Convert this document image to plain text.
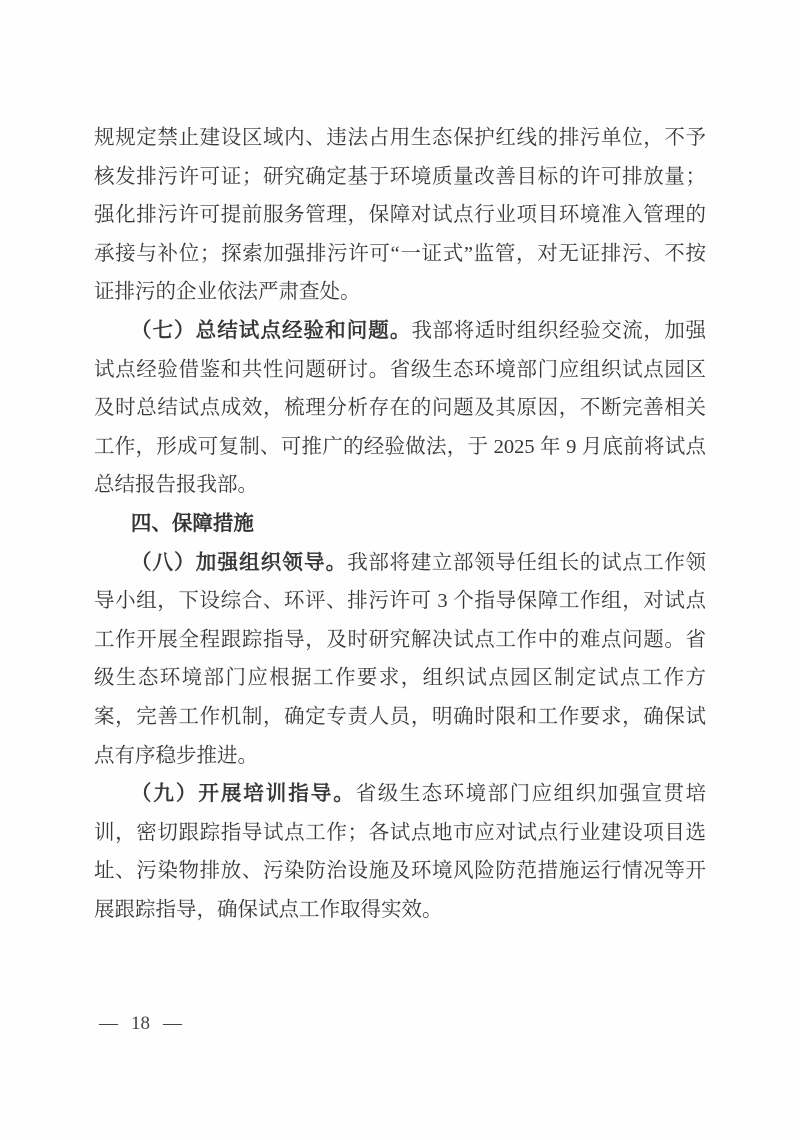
规规定禁止建设区域内、违法占用生态保护红线的排污单位，不予核发排污许可证；研究确定基于环境质量改善目标的许可排放量；强化排污许可提前服务管理，保障对试点行业项目环境准入管理的承接与补位；探索加强排污许可“一证式”监管，对无证排污、不按证排污的企业依法严肃查处。

（七）总结试点经验和问题。我部将适时组织经验交流，加强试点经验借鉴和共性问题研讨。省级生态环境部门应组织试点园区及时总结试点成效，梳理分析存在的问题及其原因，不断完善相关工作，形成可复制、可推广的经验做法，于 2025 年 9 月底前将试点总结报告报我部。

四、保障措施

（八）加强组织领导。我部将建立部领导任组长的试点工作领导小组，下设综合、环评、排污许可 3 个指导保障工作组，对试点工作开展全程跟踪指导，及时研究解决试点工作中的难点问题。省级生态环境部门应根据工作要求，组织试点园区制定试点工作方案，完善工作机制，确定专责人员，明确时限和工作要求，确保试点有序稳步推进。

（九）开展培训指导。省级生态环境部门应组织加强宣贯培训，密切跟踪指导试点工作；各试点地市应对试点行业建设项目选址、污染物排放、污染防治设施及环境风险防范措施运行情况等开展跟踪指导，确保试点工作取得实效。

— 18 —
